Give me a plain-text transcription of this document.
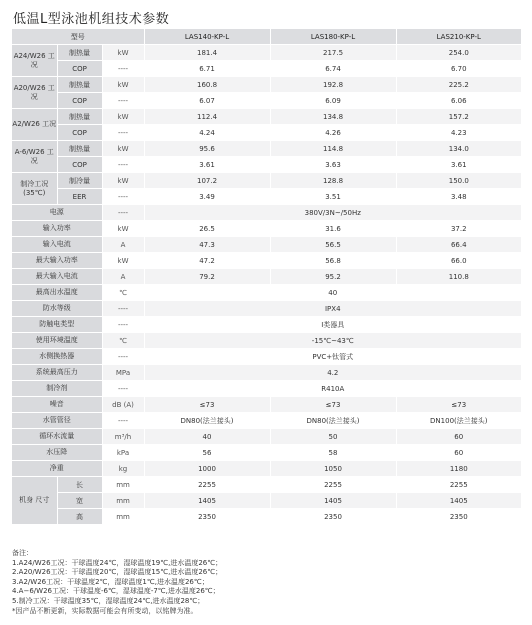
低温L型泳池机组技术参数
型号			LAS140-KP-L	LAS180-KP-L	LAS210-KP-L
A24/W26 工况	制热量	kW	181.4	217.5	254.0
	COP	----	6.71	6.74	6.70
A20/W26 工况	制热量	kW	160.8	192.8	225.2
	COP	----	6.07	6.09	6.06
A2/W26 工况	制热量	kW	112.4	134.8	157.2
	COP	----	4.24	4.26	4.23
A-6/W26 工况	制热量	kW	95.6	114.8	134.0
	COP	----	3.61	3.63	3.61
制冷工况 (35℃)	制冷量	kW	107.2	128.8	150.0
	EER	----	3.49	3.51	3.48
电源		----	380V/3N~/50Hz		
输入功率		kW	26.5	31.6	37.2
输入电流		A	47.3	56.5	66.4
最大输入功率		kW	47.2	56.8	66.0
最大输入电流		A	79.2	95.2	110.8
最高出水温度		℃	40		
防水等级		----	IPX4		
防触电类型		----	Ⅰ类器具		
使用环境温度		℃	-15℃~43℃		
水侧换热器		----	PVC+钛管式		
系统最高压力		MPa	4.2		
制冷剂		----	R410A		
噪音		dB (A)	≤73	≤73	≤73
水管管径		----	DN80(法兰接头)	DN80(法兰接头)	DN100(法兰接头)
循环水流量		m³/h	40	50	60
水压降		kPa	56	58	60
净重		kg	1000	1050	1180
机身 尺寸	长	mm	2255	2255	2255
	宽	mm	1405	1405	1405
	高	mm	2350	2350	2350
备注：
1.A24/W26工况：干球温度24℃，湿球温度19℃,进水温度26℃；
2.A20/W26工况：干球温度20℃，湿球温度15℃,进水温度26℃；
3.A2/W26工况：干球温度2℃，湿球温度1℃,进水温度26℃；
4.A−6/W26工况：干球温度-6℃，湿球温度-7℃,进水温度26℃；
5.制冷工况：干球温度35℃，湿球温度24℃,进水温度28℃；
*因产品不断更新，实际数据可能会有所变动，以铭牌为准。
